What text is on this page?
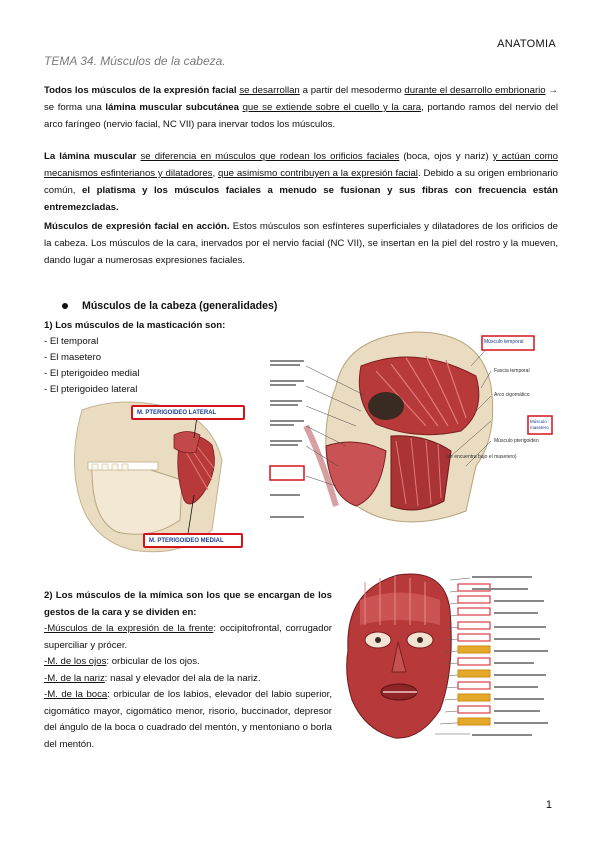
ANATOMIA
TEMA 34. Músculos de la cabeza.
Todos los músculos de la expresión facial se desarrollan a partir del mesodermo durante el desarrollo embrionario → se forma una lámina muscular subcutánea que se extiende sobre el cuello y la cara, portando ramos del nervio del arco faríngeo (nervio facial, NC VII) para inervar todos los músculos.
La lámina muscular se diferencia en músculos que rodean los orificios faciales (boca, ojos y nariz) y actúan como mecanismos esfinterianos y dilatadores, que asimismo contribuyen a la expresión facial. Debido a su origen embrionario común, el platisma y los músculos faciales a menudo se fusionan y sus fibras con frecuencia están entremezcladas.
Músculos de expresión facial en acción. Estos músculos son esfínteres superficiales y dilatadores de los orificios de la cabeza. Los músculos de la cara, inervados por el nervio facial (NC VII), se insertan en la piel del rostro y la mueven, dando lugar a numerosas expresiones faciales.
Músculos de la cabeza (generalidades)
1) Los músculos de la masticación son:
- El temporal
- El masetero
- El pterigoideo medial
- El pterigoideo lateral
M. PTERIGOIDEO LATERAL
M. PTERIGOIDEO MEDIAL
Músculo temporal
Músculo masetero
Fascia temporal
Arco cigomático
Músculo pterigoideo
(se encuentra bajo el masetero)
2) Los músculos de la mímica son los que se encargan de los gestos de la cara y se dividen en:
-Músculos de la expresión de la frente: occipitofrontal, corrugador superciliar y prócer.
-M. de los ojos: orbicular de los ojos.
-M. de la nariz: nasal y elevador del ala de la nariz.
-M. de la boca: orbicular de los labios, elevador del labio superior, cigomático mayor, cigomático menor, risorio, buccinador, depresor del ángulo de la boca o cuadrado del mentón, y mentoniano o borla del mentón.
1
